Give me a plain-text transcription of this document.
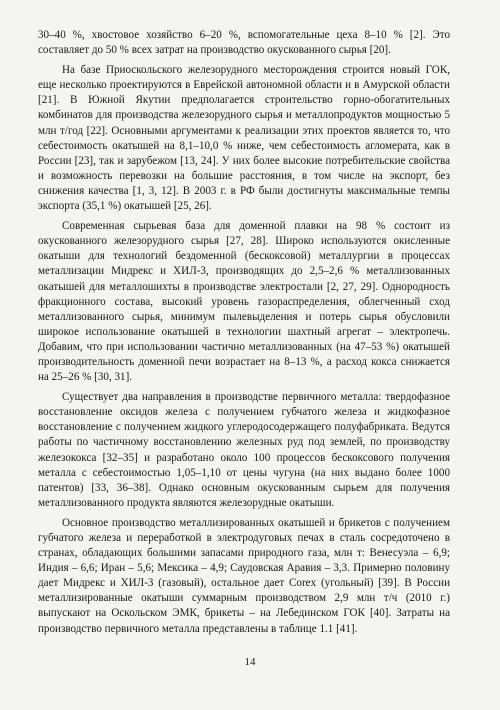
30–40 %, хвостовое хозяйство 6–20 %, вспомогательные цеха 8–10 % [2]. Это составляет до 50 % всех затрат на производство окускованного сырья [20].

На базе Приоскольского железорудного месторождения строится новый ГОК, еще несколько проектируются в Еврейской автономной области и в Амурской области [21]. В Южной Якутии предполагается строительство горно-обогатительных комбинатов для производства железорудного сырья и металлопродуктов мощностью 5 млн т/год [22]. Основными аргументами к реализации этих проектов является то, что себестоимость окатышей на 8,1–10,0 % ниже, чем себестоимость агломерата, как в России [23], так и зарубежом [13, 24]. У них более высокие потребительские свойства и возможность перевозки на большие расстояния, в том числе на экспорт, без снижения качества [1, 3, 12]. В 2003 г. в РФ были достигнуты максимальные темпы экспорта (35,1 %) окатышей [25, 26].

Современная сырьевая база для доменной плавки на 98 % состоит из окускованного железорудного сырья [27, 28]. Широко используются окисленные окатыши для технологий бездоменной (бескоксовой) металлургии в процессах металлизации Мидрекс и ХИЛ-3, производящих до 2,5–2,6 % металлизованных окатышей для металлошихты в производстве электростали [2, 27, 29]. Однородность фракционного состава, высокий уровень газораспределения, облегченный сход металлизованного сырья, минимум пылевыделения и потерь сырья обусловили широкое использование окатышей в технологии шахтный агрегат – электропечь. Добавим, что при использовании частично металлизованных (на 47–53 %) окатышей производительность доменной печи возрастает на 8–13 %, а расход кокса снижается на 25–26 % [30, 31].

Существует два направления в производстве первичного металла: твердофазное восстановление оксидов железа с получением губчатого железа и жидкофазное восстановление с получением жидкого углеродосодержащего полуфабриката. Ведутся работы по частичному восстановлению железных руд под землей, по производству железококса [32–35] и разработано около 100 процессов бескоксового получения металла с себестоимостью 1,05–1,10 от цены чугуна (на них выдано более 1000 патентов) [33, 36–38]. Однако основным окускованным сырьем для получения металлизованного продукта являются железорудные окатыши.

Основное производство металлизированных окатышей и брикетов с получением губчатого железа и переработкой в электродуговых печах в сталь сосредоточено в странах, обладающих большими запасами природного газа, млн т: Венесуэла – 6,9; Индия – 6,6; Иран – 5,6; Мексика – 4,9; Саудовская Аравия – 3,3. Примерно половину дает Мидрекс и ХИЛ-3 (газовый), остальное дает Corex (угольный) [39]. В России металлизированные окатыши суммарным производством 2,9 млн т/ч (2010 г.) выпускают на Оскольском ЭМК, брикеты – на Лебединском ГОК [40]. Затраты на производство первичного металла представлены в таблице 1.1 [41].

14
